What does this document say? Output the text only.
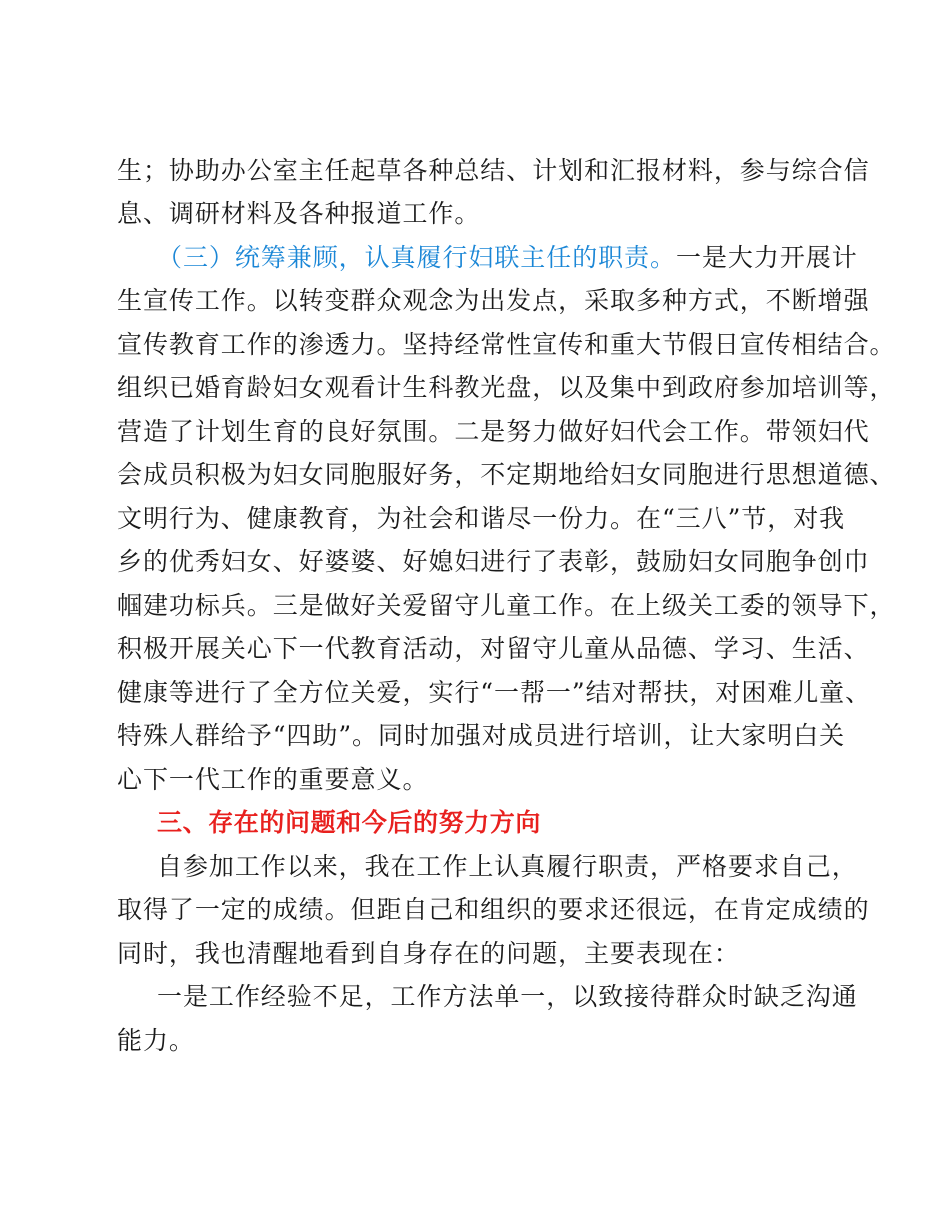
生；协助办公室主任起草各种总结、计划和汇报材料，参与综合信
息、调研材料及各种报道工作。
（三）统筹兼顾，认真履行妇联主任的职责。一是大力开展计
生宣传工作。以转变群众观念为出发点，采取多种方式，不断增强
宣传教育工作的渗透力。坚持经常性宣传和重大节假日宣传相结合。
组织已婚育龄妇女观看计生科教光盘，以及集中到政府参加培训等，
营造了计划生育的良好氛围。二是努力做好妇代会工作。带领妇代
会成员积极为妇女同胞服好务，不定期地给妇女同胞进行思想道德、
文明行为、健康教育，为社会和谐尽一份力。在“三八”节，对我
乡的优秀妇女、好婆婆、好媳妇进行了表彰，鼓励妇女同胞争创巾
帼建功标兵。三是做好关爱留守儿童工作。在上级关工委的领导下，
积极开展关心下一代教育活动，对留守儿童从品德、学习、生活、
健康等进行了全方位关爱，实行“一帮一”结对帮扶，对困难儿童、
特殊人群给予“四助”。同时加强对成员进行培训，让大家明白关
心下一代工作的重要意义。
三、存在的问题和今后的努力方向
自参加工作以来，我在工作上认真履行职责，严格要求自己，
取得了一定的成绩。但距自己和组织的要求还很远，在肯定成绩的
同时，我也清醒地看到自身存在的问题，主要表现在：
一是工作经验不足，工作方法单一，以致接待群众时缺乏沟通
能力。
